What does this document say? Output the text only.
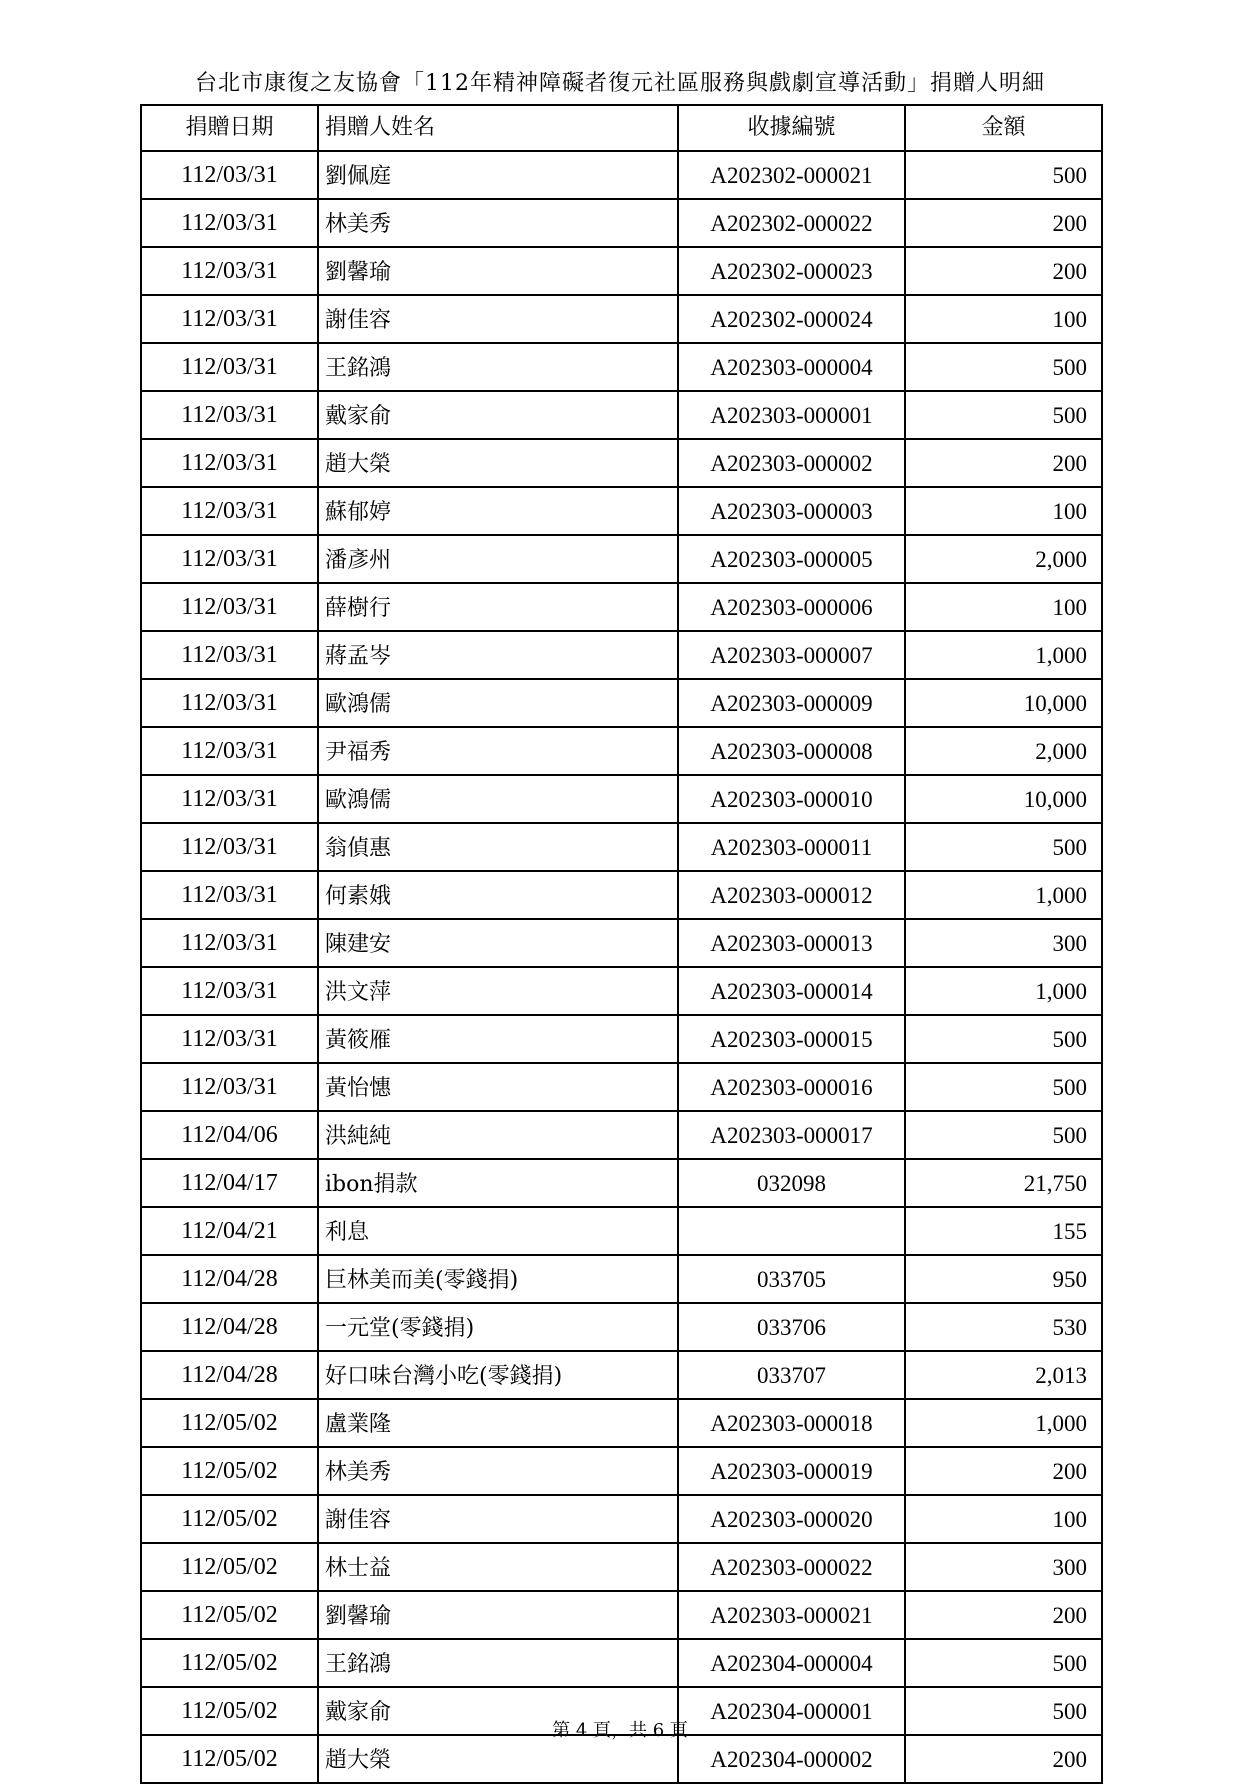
台北市康復之友協會「112年精神障礙者復元社區服務與戲劇宣導活動」捐贈人明細
捐贈日期	捐贈人姓名	收據編號	金額
112/03/31	劉佩庭	A202302-000021	500
112/03/31	林美秀	A202302-000022	200
112/03/31	劉馨瑜	A202302-000023	200
112/03/31	謝佳容	A202302-000024	100
112/03/31	王銘鴻	A202303-000004	500
112/03/31	戴家俞	A202303-000001	500
112/03/31	趙大榮	A202303-000002	200
112/03/31	蘇郁婷	A202303-000003	100
112/03/31	潘彥州	A202303-000005	2,000
112/03/31	薛樹行	A202303-000006	100
112/03/31	蔣孟岑	A202303-000007	1,000
112/03/31	歐鴻儒	A202303-000009	10,000
112/03/31	尹福秀	A202303-000008	2,000
112/03/31	歐鴻儒	A202303-000010	10,000
112/03/31	翁偵惠	A202303-000011	500
112/03/31	何素娥	A202303-000012	1,000
112/03/31	陳建安	A202303-000013	300
112/03/31	洪文萍	A202303-000014	1,000
112/03/31	黃筱雁	A202303-000015	500
112/03/31	黃怡憓	A202303-000016	500
112/04/06	洪純純	A202303-000017	500
112/04/17	ibon捐款	032098	21,750
112/04/21	利息		155
112/04/28	巨林美而美(零錢捐)	033705	950
112/04/28	一元堂(零錢捐)	033706	530
112/04/28	好口味台灣小吃(零錢捐)	033707	2,013
112/05/02	盧業隆	A202303-000018	1,000
112/05/02	林美秀	A202303-000019	200
112/05/02	謝佳容	A202303-000020	100
112/05/02	林士益	A202303-000022	300
112/05/02	劉馨瑜	A202303-000021	200
112/05/02	王銘鴻	A202304-000004	500
112/05/02	戴家俞	A202304-000001	500
112/05/02	趙大榮	A202304-000002	200
第 4 頁，共 6 頁
